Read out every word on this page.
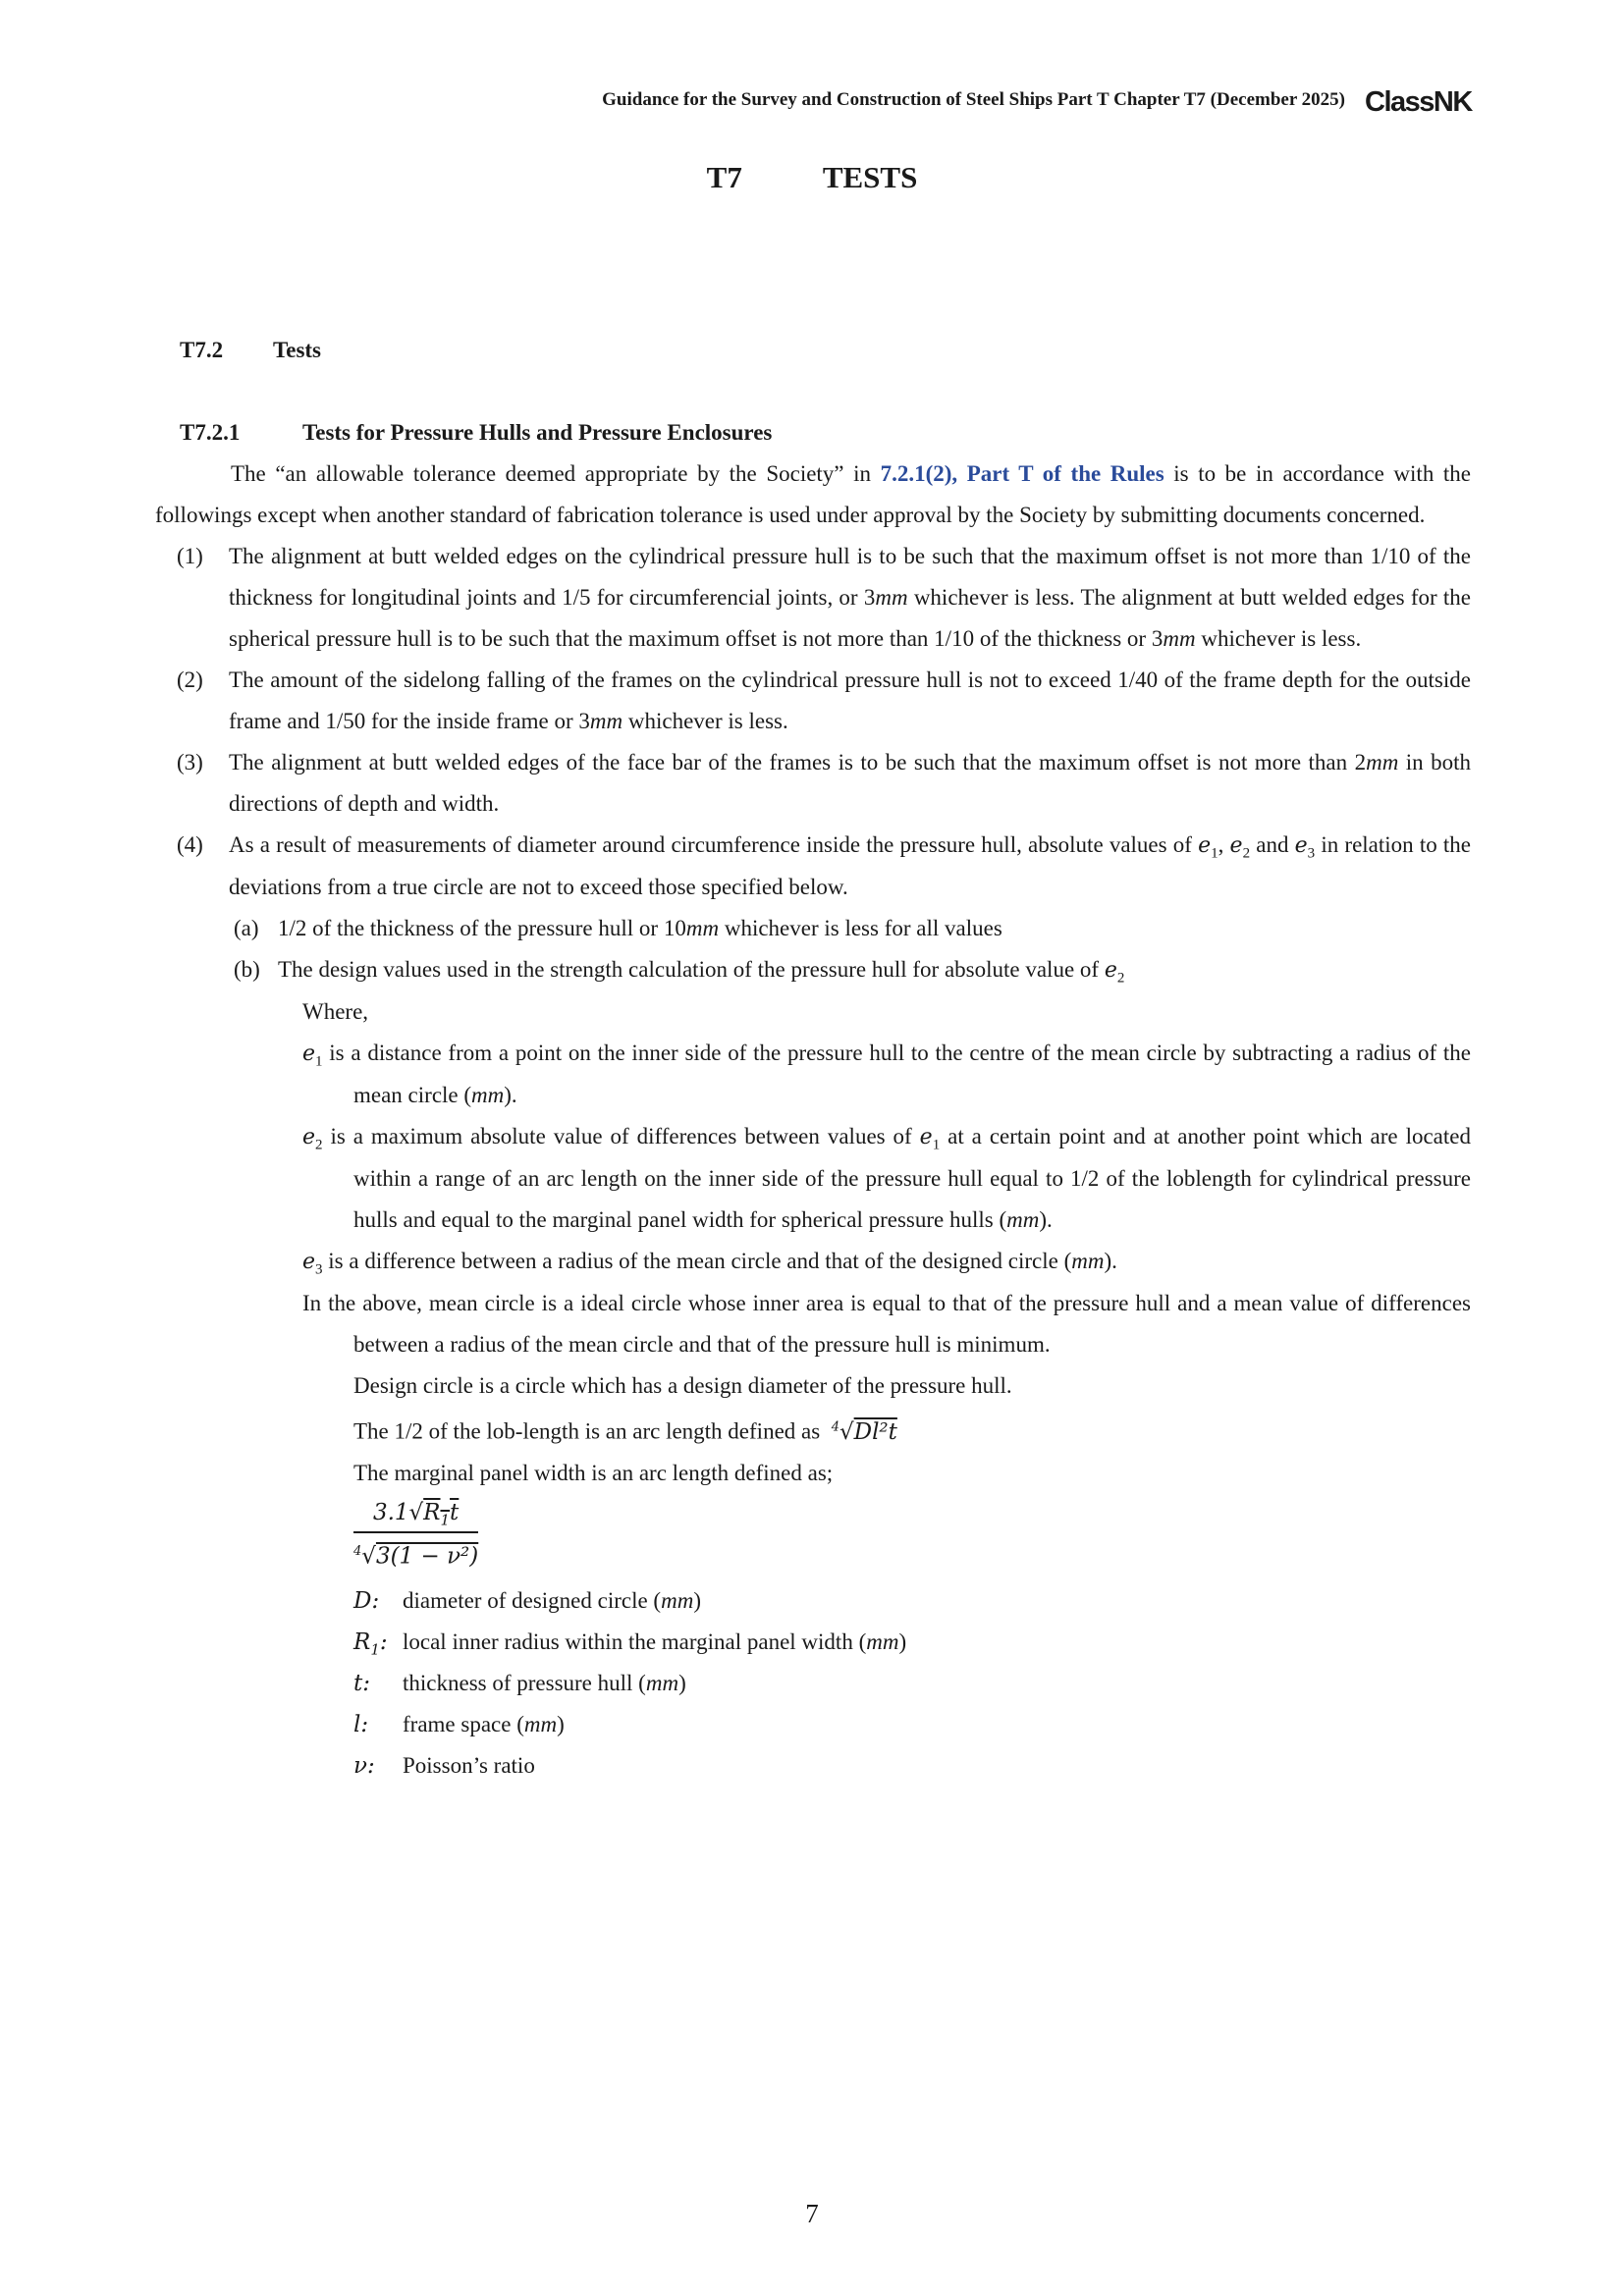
Guidance for the Survey and Construction of Steel Ships Part T Chapter T7 (December 2025) ClassNK
T7	TESTS
T7.2	Tests
T7.2.1	Tests for Pressure Hulls and Pressure Enclosures
The “an allowable tolerance deemed appropriate by the Society” in 7.2.1(2), Part T of the Rules is to be in accordance with the followings except when another standard of fabrication tolerance is used under approval by the Society by submitting documents concerned.
(1)	The alignment at butt welded edges on the cylindrical pressure hull is to be such that the maximum offset is not more than 1/10 of the thickness for longitudinal joints and 1/5 for circumferencial joints, or 3mm whichever is less. The alignment at butt welded edges for the spherical pressure hull is to be such that the maximum offset is not more than 1/10 of the thickness or 3mm whichever is less.
(2)	The amount of the sidelong falling of the frames on the cylindrical pressure hull is not to exceed 1/40 of the frame depth for the outside frame and 1/50 for the inside frame or 3mm whichever is less.
(3)	The alignment at butt welded edges of the face bar of the frames is to be such that the maximum offset is not more than 2mm in both directions of depth and width.
(4)	As a result of measurements of diameter around circumference inside the pressure hull, absolute values of $e_1$, $e_2$ and $e_3$ in relation to the deviations from a true circle are not to exceed those specified below.
(a) 1/2 of the thickness of the pressure hull or 10mm whichever is less for all values
(b) The design values used in the strength calculation of the pressure hull for absolute value of $e_2$
Where,
$e_1$ is a distance from a point on the inner side of the pressure hull to the centre of the mean circle by subtracting a radius of the mean circle (mm).
$e_2$ is a maximum absolute value of differences between values of $e_1$ at a certain point and at another point which are located within a range of an arc length on the inner side of the pressure hull equal to 1/2 of the loblength for cylindrical pressure hulls and equal to the marginal panel width for spherical pressure hulls (mm).
$e_3$ is a difference between a radius of the mean circle and that of the designed circle (mm).
In the above, mean circle is a ideal circle whose inner area is equal to that of the pressure hull and a mean value of differences between a radius of the mean circle and that of the pressure hull is minimum.
Design circle is a circle which has a design diameter of the pressure hull.
The 1/2 of the lob-length is an arc length defined as $^4$√Dl²t
The marginal panel width is an arc length defined as;
$\frac{3.1√R_1t}{^4√3(1 - \nu^2)}$
D:	diameter of designed circle (mm)
$R_1$: local inner radius within the marginal panel width (mm)
t:	thickness of pressure hull (mm)
l:	frame space (mm)
ν:	Poisson’s ratio
7
